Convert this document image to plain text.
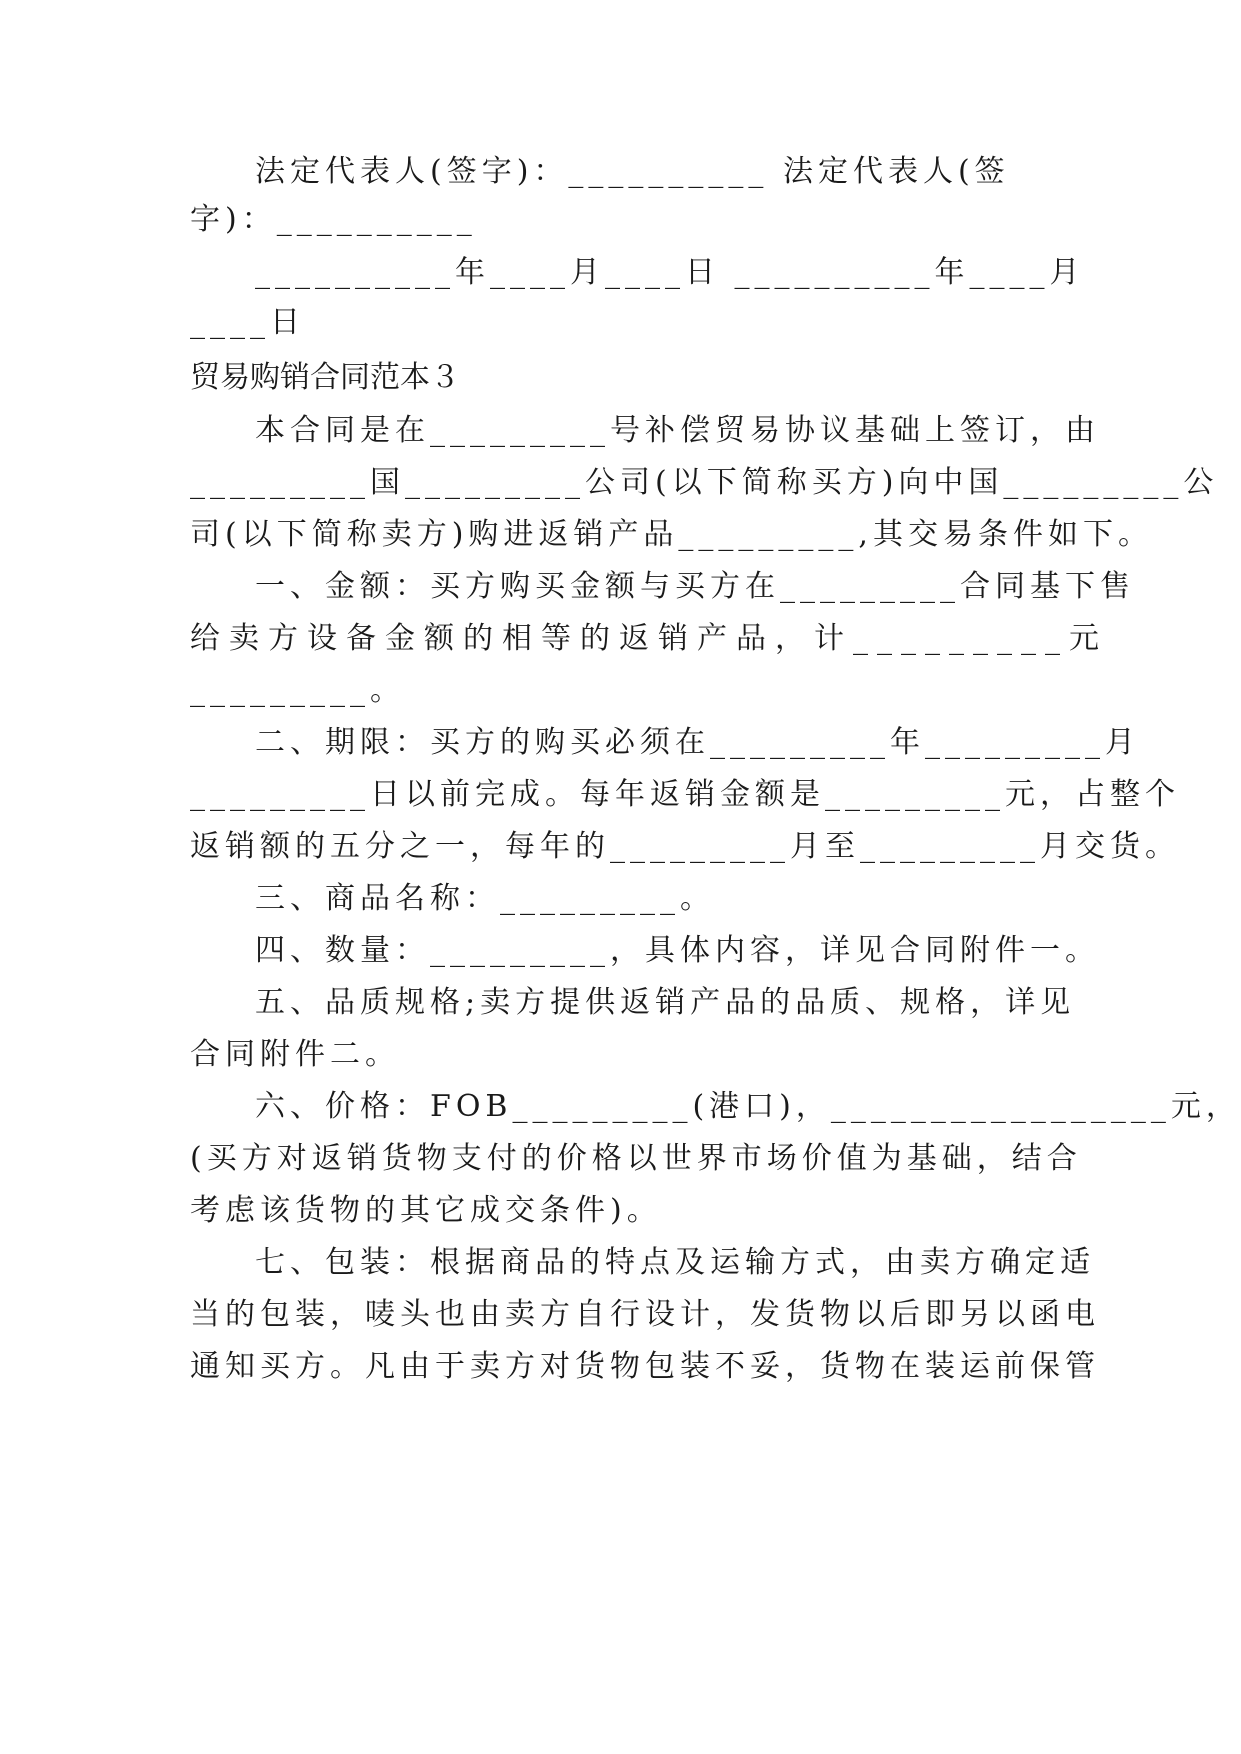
法定代表人(签字)：__________ 法定代表人(签
字)：__________
__________年____月____日 __________年____月
____日
贸易购销合同范本３
本合同是在_________号补偿贸易协议基础上签订，由
_________国_________公司(以下简称买方)向中国_________公
司(以下简称卖方)购进返销产品_________,其交易条件如下。
一、金额：买方购买金额与买方在_________合同基下售
给卖方设备金额的相等的返销产品，计_________元
_________。
二、期限：买方的购买必须在_________年_________月
_________日以前完成。每年返销金额是_________元，占整个
返销额的五分之一，每年的_________月至_________月交货。
三、商品名称：_________。
四、数量：_________，具体内容，详见合同附件一。
五、品质规格;卖方提供返销产品的品质、规格，详见
合同附件二。
六、价格：FOB_________(港口)，_________________元，
(买方对返销货物支付的价格以世界市场价值为基础，结合
考虑该货物的其它成交条件)。
七、包装：根据商品的特点及运输方式，由卖方确定适
当的包装，唛头也由卖方自行设计，发货物以后即另以函电
通知买方。凡由于卖方对货物包装不妥，货物在装运前保管
